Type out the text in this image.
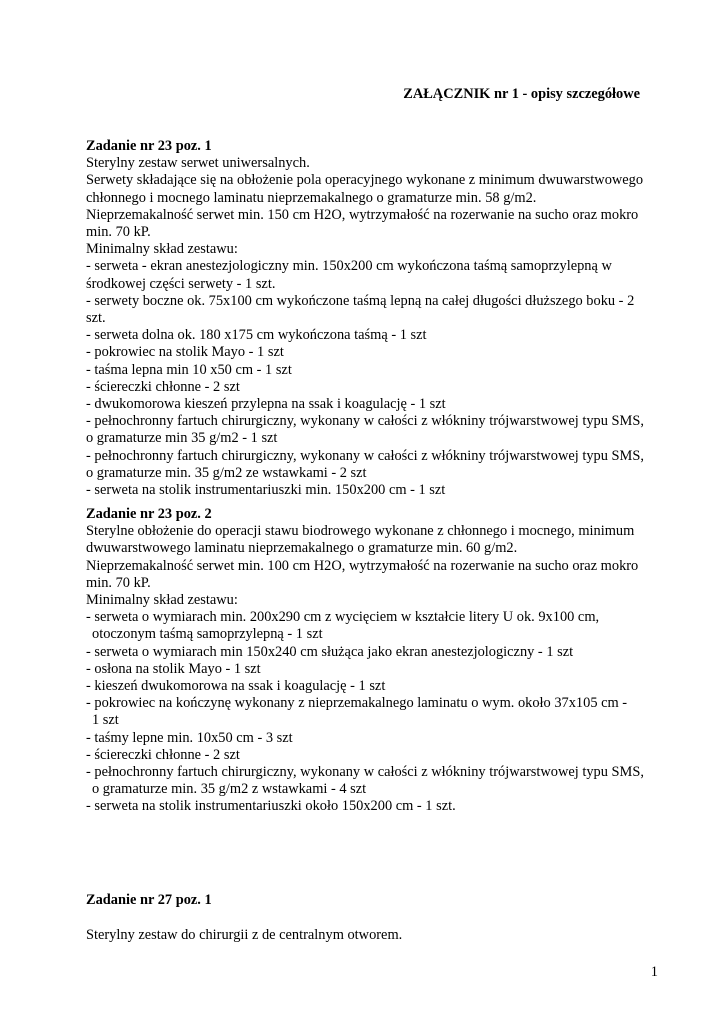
ZAŁĄCZNIK nr 1 - opisy szczegółowe
Zadanie nr 23 poz. 1
Sterylny zestaw serwet uniwersalnych.
Serwety składające się na obłożenie pola operacyjnego wykonane z minimum dwuwarstwowego
chłonnego i mocnego laminatu nieprzemakalnego o gramaturze min. 58 g/m2.
Nieprzemakalność serwet min. 150 cm H2O, wytrzymałość na rozerwanie na sucho oraz mokro
min. 70 kP.
Minimalny skład zestawu:
- serweta - ekran anestezjologiczny min. 150x200 cm wykończona taśmą samoprzylepną w
środkowej części serwety - 1 szt.
- serwety boczne ok. 75x100 cm wykończone taśmą lepną na całej długości dłuższego boku - 2
szt.
- serweta dolna ok. 180 x175 cm wykończona taśmą - 1 szt
- pokrowiec na stolik Mayo - 1 szt
- taśma lepna min 10 x50 cm - 1 szt
- ściereczki chłonne - 2 szt
- dwukomorowa kieszeń przylepna na ssak i koagulację - 1 szt
- pełnochronny fartuch chirurgiczny, wykonany w całości z włókniny trójwarstwowej typu SMS,
o gramaturze min 35 g/m2 - 1 szt
- pełnochronny fartuch chirurgiczny, wykonany w całości z włókniny trójwarstwowej typu SMS,
o gramaturze min. 35 g/m2 ze wstawkami - 2 szt
- serweta na stolik instrumentariuszki min. 150x200 cm - 1 szt
Zadanie nr 23 poz. 2
Sterylne obłożenie do operacji stawu biodrowego wykonane z chłonnego i mocnego, minimum
dwuwarstwowego laminatu nieprzemakalnego o gramaturze min. 60 g/m2.
Nieprzemakalność serwet min. 100 cm H2O, wytrzymałość na rozerwanie na sucho oraz mokro
min. 70 kP.
Minimalny skład zestawu:
- serweta o wymiarach min. 200x290 cm z wycięciem w kształcie litery U ok. 9x100 cm,
otoczonym taśmą samoprzylepną - 1 szt
- serweta o wymiarach min 150x240 cm służąca jako ekran anestezjologiczny - 1 szt
- osłona na stolik Mayo - 1 szt
- kieszeń dwukomorowa na ssak i koagulację - 1 szt
- pokrowiec na kończynę wykonany z nieprzemakalnego laminatu o wym. około 37x105 cm -
1 szt
- taśmy lepne min. 10x50 cm - 3 szt
- ściereczki chłonne - 2 szt
- pełnochronny fartuch chirurgiczny, wykonany w całości z włókniny trójwarstwowej typu SMS,
o gramaturze min. 35 g/m2 z wstawkami - 4 szt
- serweta na stolik instrumentariuszki około 150x200 cm - 1 szt.
Zadanie nr 27 poz. 1
Sterylny zestaw do chirurgii z de centralnym otworem.
1
